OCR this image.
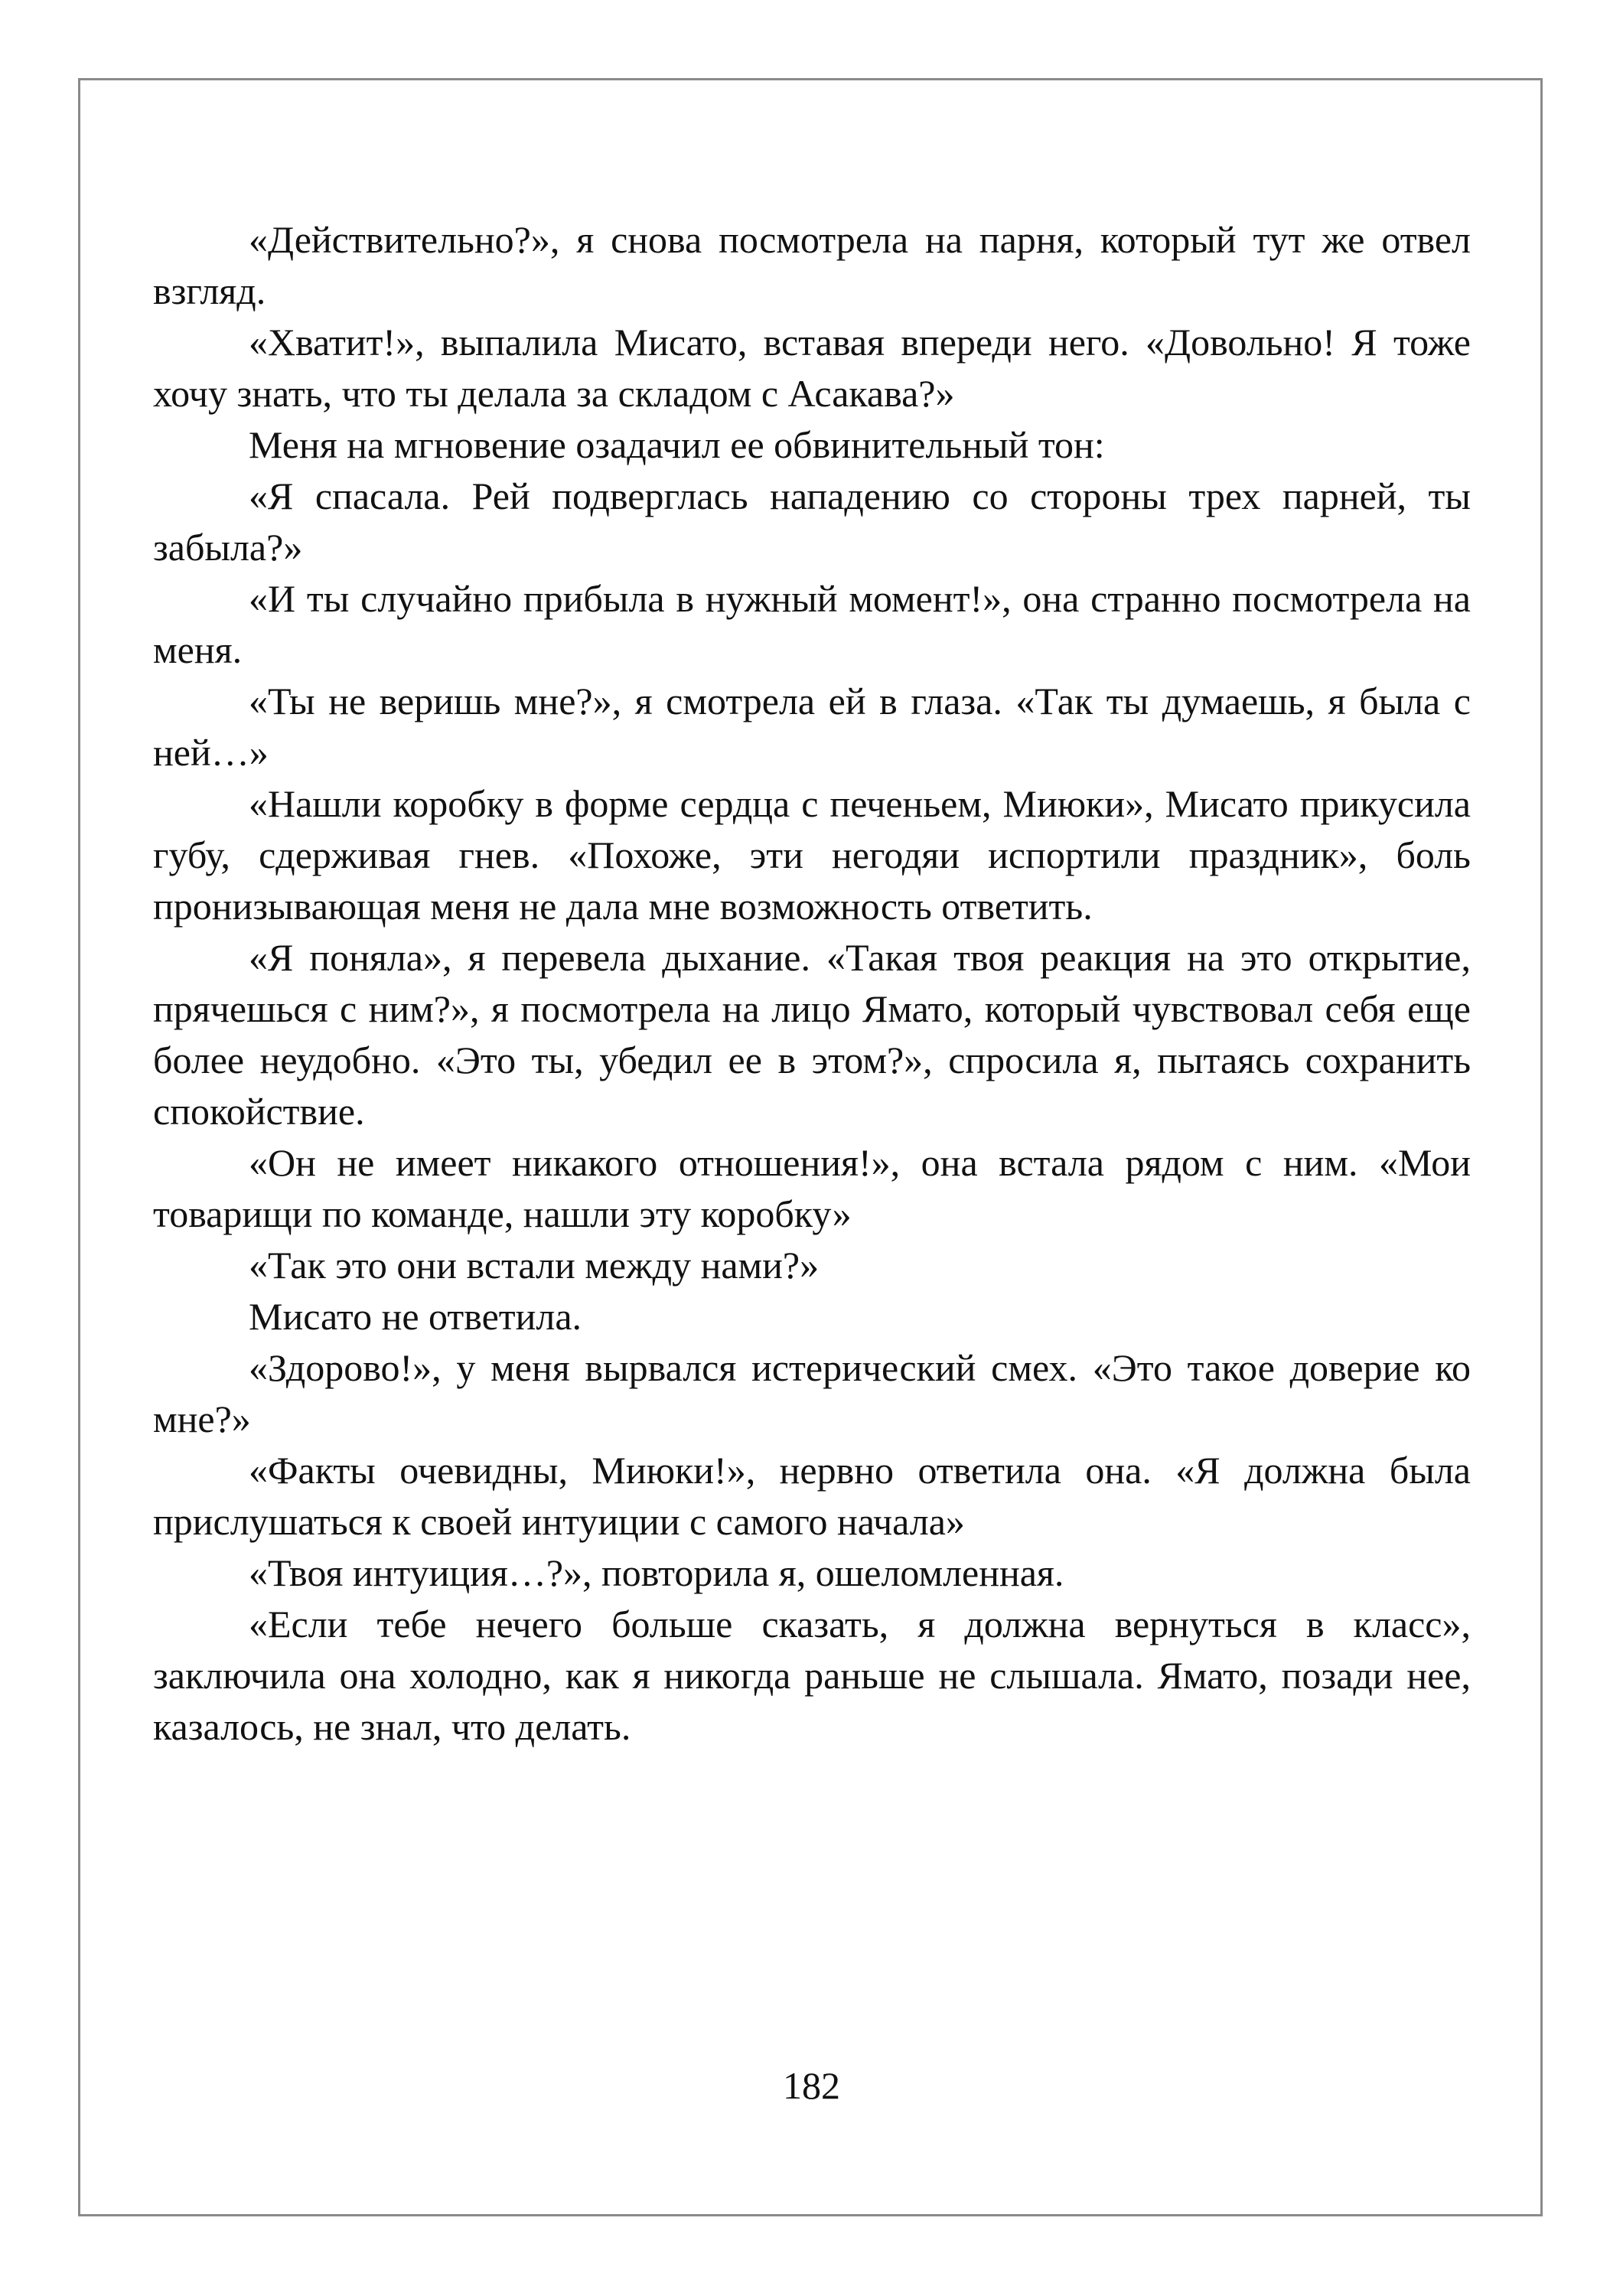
«Действительно?», я снова посмотрела на парня, который тут же отвел взгляд.

«Хватит!», выпалила Мисато, вставая впереди него. «Довольно! Я тоже хочу знать, что ты делала за складом с Асакава?»

Меня на мгновение озадачил ее обвинительный тон:

«Я спасала. Рей подверглась нападению со стороны трех парней, ты забыла?»

«И ты случайно прибыла в нужный момент!», она странно посмотрела на меня.

«Ты не веришь мне?», я смотрела ей в глаза. «Так ты думаешь, я была с ней…»

«Нашли коробку в форме сердца с печеньем, Миюки», Мисато прикусила губу, сдерживая гнев. «Похоже, эти негодяи испортили праздник», боль пронизывающая меня не дала мне возможность ответить.

«Я поняла», я перевела дыхание. «Такая твоя реакция на это открытие, прячешься с ним?», я посмотрела на лицо Ямато, который чувствовал себя еще более неудобно. «Это ты, убедил ее в этом?», спросила я, пытаясь сохранить спокойствие.

«Он не имеет никакого отношения!», она встала рядом с ним. «Мои товарищи по команде, нашли эту коробку»

«Так это они встали между нами?»

Мисато не ответила.

«Здорово!», у меня вырвался истерический смех. «Это такое доверие ко мне?»

«Факты очевидны, Миюки!», нервно ответила она. «Я должна была прислушаться к своей интуиции с самого начала»

«Твоя интуиция…?», повторила я, ошеломленная.

«Если тебе нечего больше сказать, я должна вернуться в класс», заключила она холодно, как я никогда раньше не слышала. Ямато, позади нее, казалось, не знал, что делать.

182
